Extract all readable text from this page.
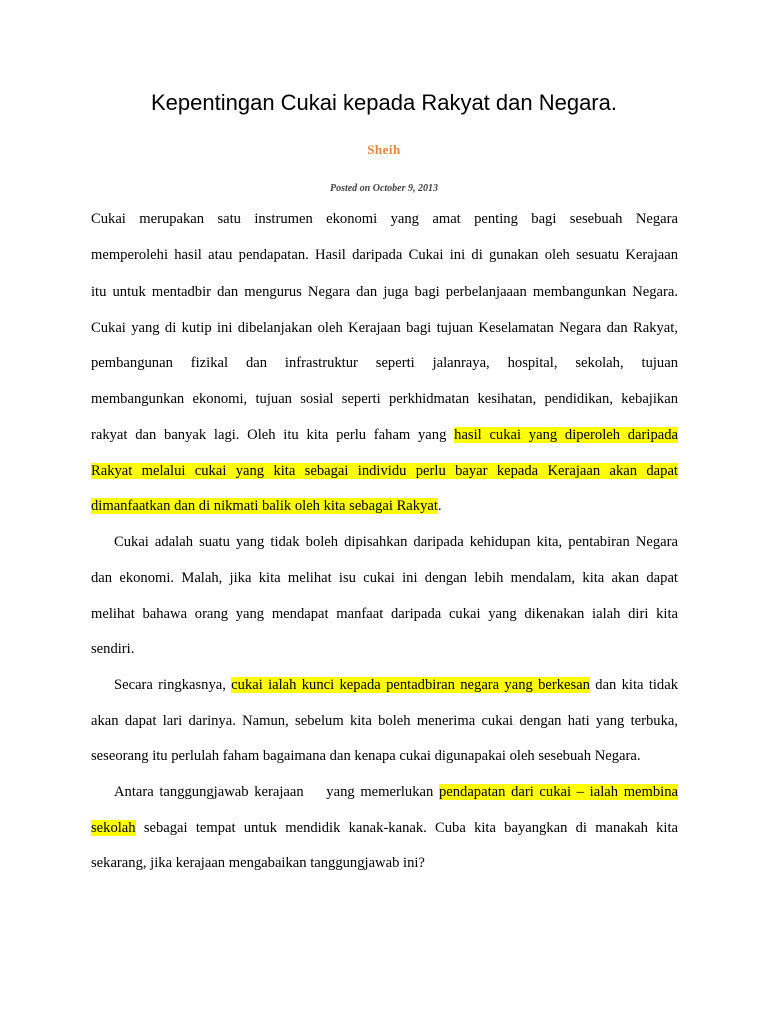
Kepentingan Cukai kepada Rakyat dan Negara.
Sheih
Posted on October 9, 2013
Cukai merupakan satu instrumen ekonomi yang amat penting bagi sesebuah Negara
memperolehi hasil atau pendapatan. Hasil daripada Cukai ini di gunakan oleh sesuatu Kerajaan
itu untuk mentadbir dan mengurus Negara dan juga bagi perbelanjaaan membangunkan Negara.
Cukai yang di kutip ini dibelanjakan oleh Kerajaan bagi tujuan Keselamatan Negara dan Rakyat,
pembangunan fizikal dan infrastruktur seperti jalanraya, hospital, sekolah, tujuan
membangunkan ekonomi, tujuan sosial seperti perkhidmatan kesihatan, pendidikan, kebajikan
rakyat dan banyak lagi. Oleh itu kita perlu faham yang hasil cukai yang diperoleh daripada
Rakyat melalui cukai yang kita sebagai individu perlu bayar kepada Kerajaan akan dapat
dimanfaatkan dan di nikmati balik oleh kita sebagai Rakyat.
Cukai adalah suatu yang tidak boleh dipisahkan daripada kehidupan kita, pentabiran Negara
dan ekonomi. Malah, jika kita melihat isu cukai ini dengan lebih mendalam, kita akan dapat
melihat bahawa orang yang mendapat manfaat daripada cukai yang dikenakan ialah diri kita
sendiri.
Secara ringkasnya, cukai ialah kunci kepada pentadbiran negara yang berkesan dan kita tidak
akan dapat lari darinya. Namun, sebelum kita boleh menerima cukai dengan hati yang terbuka,
seseorang itu perlulah faham bagaimana dan kenapa cukai digunapakai oleh sesebuah Negara.
Antara tanggungjawab kerajaan    yang memerlukan pendapatan dari cukai – ialah membina
sekolah sebagai tempat untuk mendidik kanak-kanak. Cuba kita bayangkan di manakah kita
sekarang, jika kerajaan mengabaikan tanggungjawab ini?
